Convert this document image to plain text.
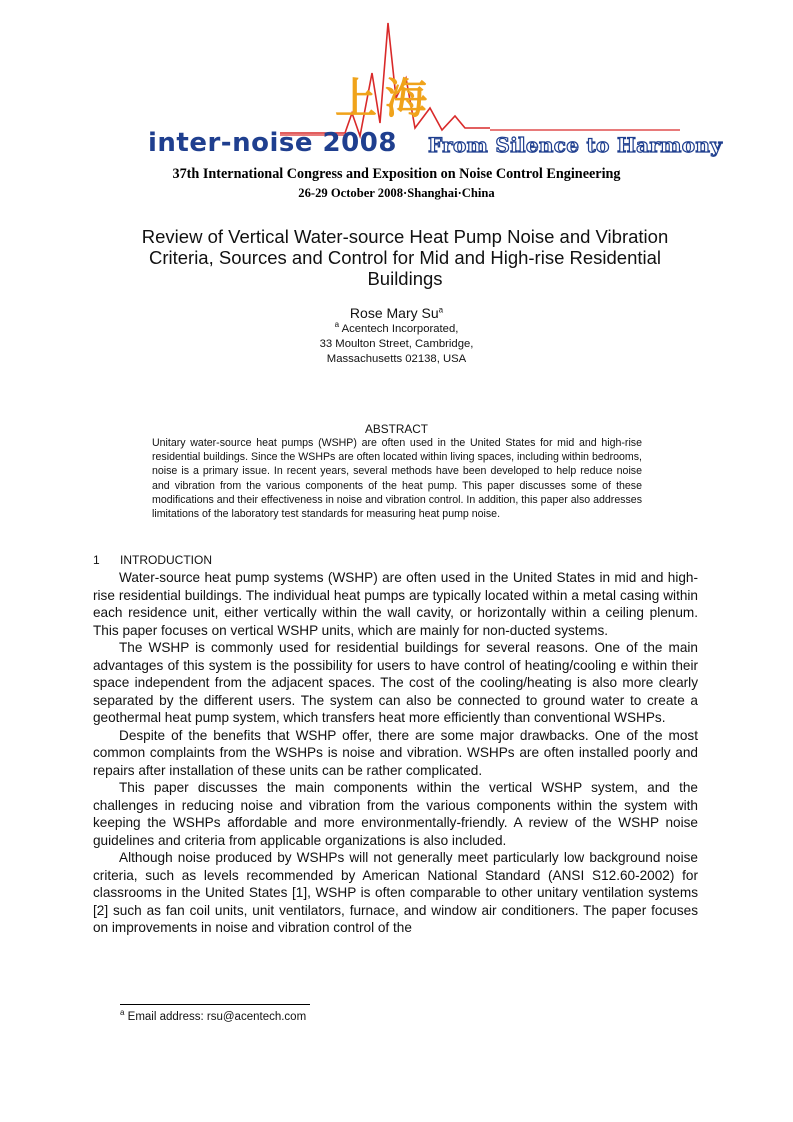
上海
inter-noise 2008 From Silence to Harmony
37th International Congress and Exposition on Noise Control Engineering
26-29 October 2008·Shanghai·China
Review of Vertical Water-source Heat Pump Noise and Vibration Criteria, Sources and Control for Mid and High-rise Residential Buildings
Rose Mary Su$^a$
$^a$ Acentech Incorporated,
33 Moulton Street, Cambridge,
Massachusetts 02138, USA
ABSTRACT
Unitary water-source heat pumps (WSHP) are often used in the United States for mid and high-rise residential buildings. Since the WSHPs are often located within living spaces, including within bedrooms, noise is a primary issue. In recent years, several methods have been developed to help reduce noise and vibration from the various components of the heat pump. This paper discusses some of these modifications and their effectiveness in noise and vibration control. In addition, this paper also addresses limitations of the laboratory test standards for measuring heat pump noise.
1 INTRODUCTION

Water-source heat pump systems (WSHP) are often used in the United States in mid and high-rise residential buildings. The individual heat pumps are typically located within a metal casing within each residence unit, either vertically within the wall cavity, or horizontally within a ceiling plenum. This paper focuses on vertical WSHP units, which are mainly for non-ducted systems.

The WSHP is commonly used for residential buildings for several reasons. One of the main advantages of this system is the possibility for users to have control of heating/cooling e within their space independent from the adjacent spaces. The cost of the cooling/heating is also more clearly separated by the different users. The system can also be connected to ground water to create a geothermal heat pump system, which transfers heat more efficiently than conventional WSHPs.

Despite of the benefits that WSHP offer, there are some major drawbacks. One of the most common complaints from the WSHPs is noise and vibration. WSHPs are often installed poorly and repairs after installation of these units can be rather complicated.

This paper discusses the main components within the vertical WSHP system, and the challenges in reducing noise and vibration from the various components within the system with keeping the WSHPs affordable and more environmentally-friendly. A review of the WSHP noise guidelines and criteria from applicable organizations is also included.

Although noise produced by WSHPs will not generally meet particularly low background noise criteria, such as levels recommended by American National Standard (ANSI S12.60-2002) for classrooms in the United States [1], WSHP is often comparable to other unitary ventilation systems [2] such as fan coil units, unit ventilators, furnace, and window air conditioners. The paper focuses on improvements in noise and vibration control of the

$^a$ Email address: rsu@acentech.com
